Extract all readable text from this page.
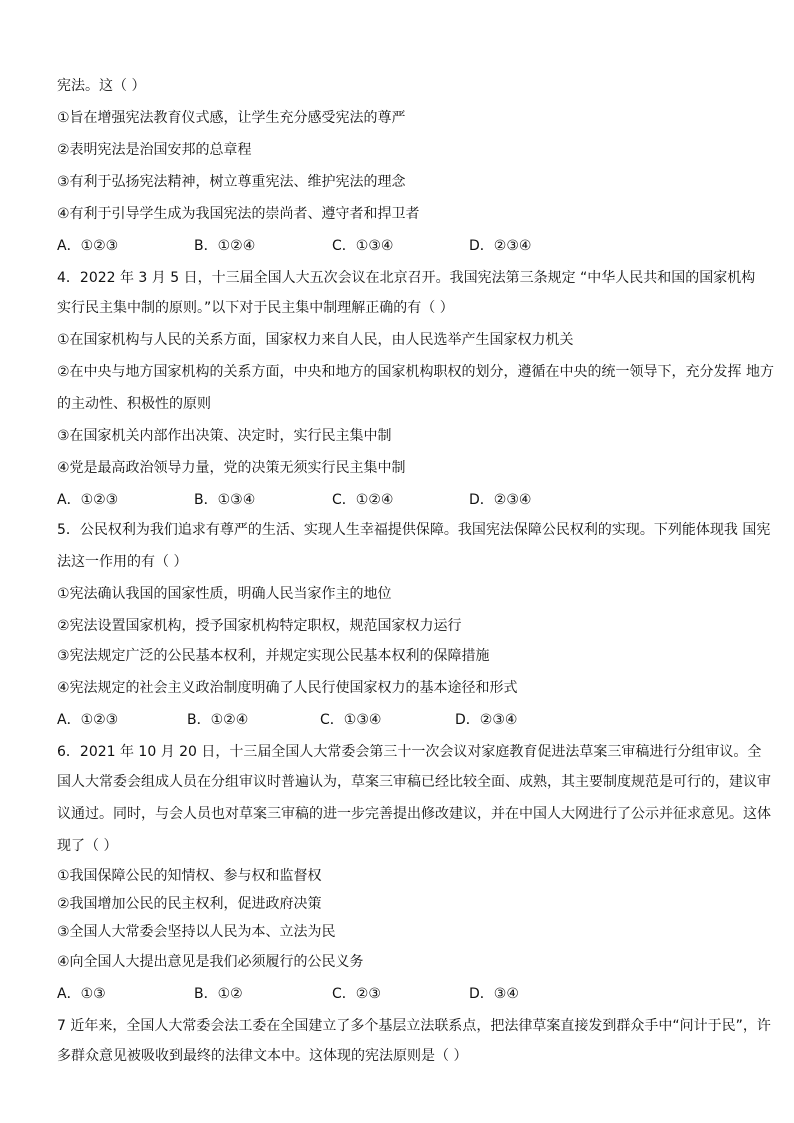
宪法。这（ ）
①旨在增强宪法教育仪式感，让学生充分感受宪法的尊严
②表明宪法是治国安邦的总章程
③有利于弘扬宪法精神，树立尊重宪法、维护宪法的理念
④有利于引导学生成为我国宪法的崇尚者、遵守者和捍卫者
A．①②③	B．①②④	C．①③④	D．②③④
4．2022 年 3 月 5 日，十三届全国人大五次会议在北京召开。我国宪法第三条规定 “中华人民共和国的国家机构
实行民主集中制的原则。”以下对于民主集中制理解正确的有（ ）
①在国家机构与人民的关系方面，国家权力来自人民，由人民选举产生国家权力机关
②在中央与地方国家机构的关系方面，中央和地方的国家机构职权的划分，遵循在中央的统一领导下，充分发挥 地方
的主动性、积极性的原则
③在国家机关内部作出决策、决定时，实行民主集中制
④党是最高政治领导力量，党的决策无须实行民主集中制
A．①②③	B．①③④	C．①②④	D．②③④
5．公民权利为我们追求有尊严的生活、实现人生幸福提供保障。我国宪法保障公民权利的实现。下列能体现我 国宪
法这一作用的有（ ）
①宪法确认我国的国家性质，明确人民当家作主的地位
②宪法设置国家机构，授予国家机构特定职权，规范国家权力运行
③宪法规定广泛的公民基本权利，并规定实现公民基本权利的保障措施
④宪法规定的社会主义政治制度明确了人民行使国家权力的基本途径和形式
A．①②③	B．①②④	C．①③④	D．②③④
6．2021 年 10 月 20 日，十三届全国人大常委会第三十一次会议对家庭教育促进法草案三审稿进行分组审议。全
国人大常委会组成人员在分组审议时普遍认为，草案三审稿已经比较全面、成熟，其主要制度规范是可行的，建议审
议通过。同时，与会人员也对草案三审稿的进一步完善提出修改建议，并在中国人大网进行了公示并征求意见。这体
现了（ ）
①我国保障公民的知情权、参与权和监督权
②我国增加公民的民主权利，促进政府决策
③全国人大常委会坚持以人民为本、立法为民
④向全国人大提出意见是我们必须履行的公民义务
A．①③	B．①②	C．②③	D．③④
7 近年来，全国人大常委会法工委在全国建立了多个基层立法联系点，把法律草案直接发到群众手中“问计于民”，许
多群众意见被吸收到最终的法律文本中。这体现的宪法原则是（ ）
